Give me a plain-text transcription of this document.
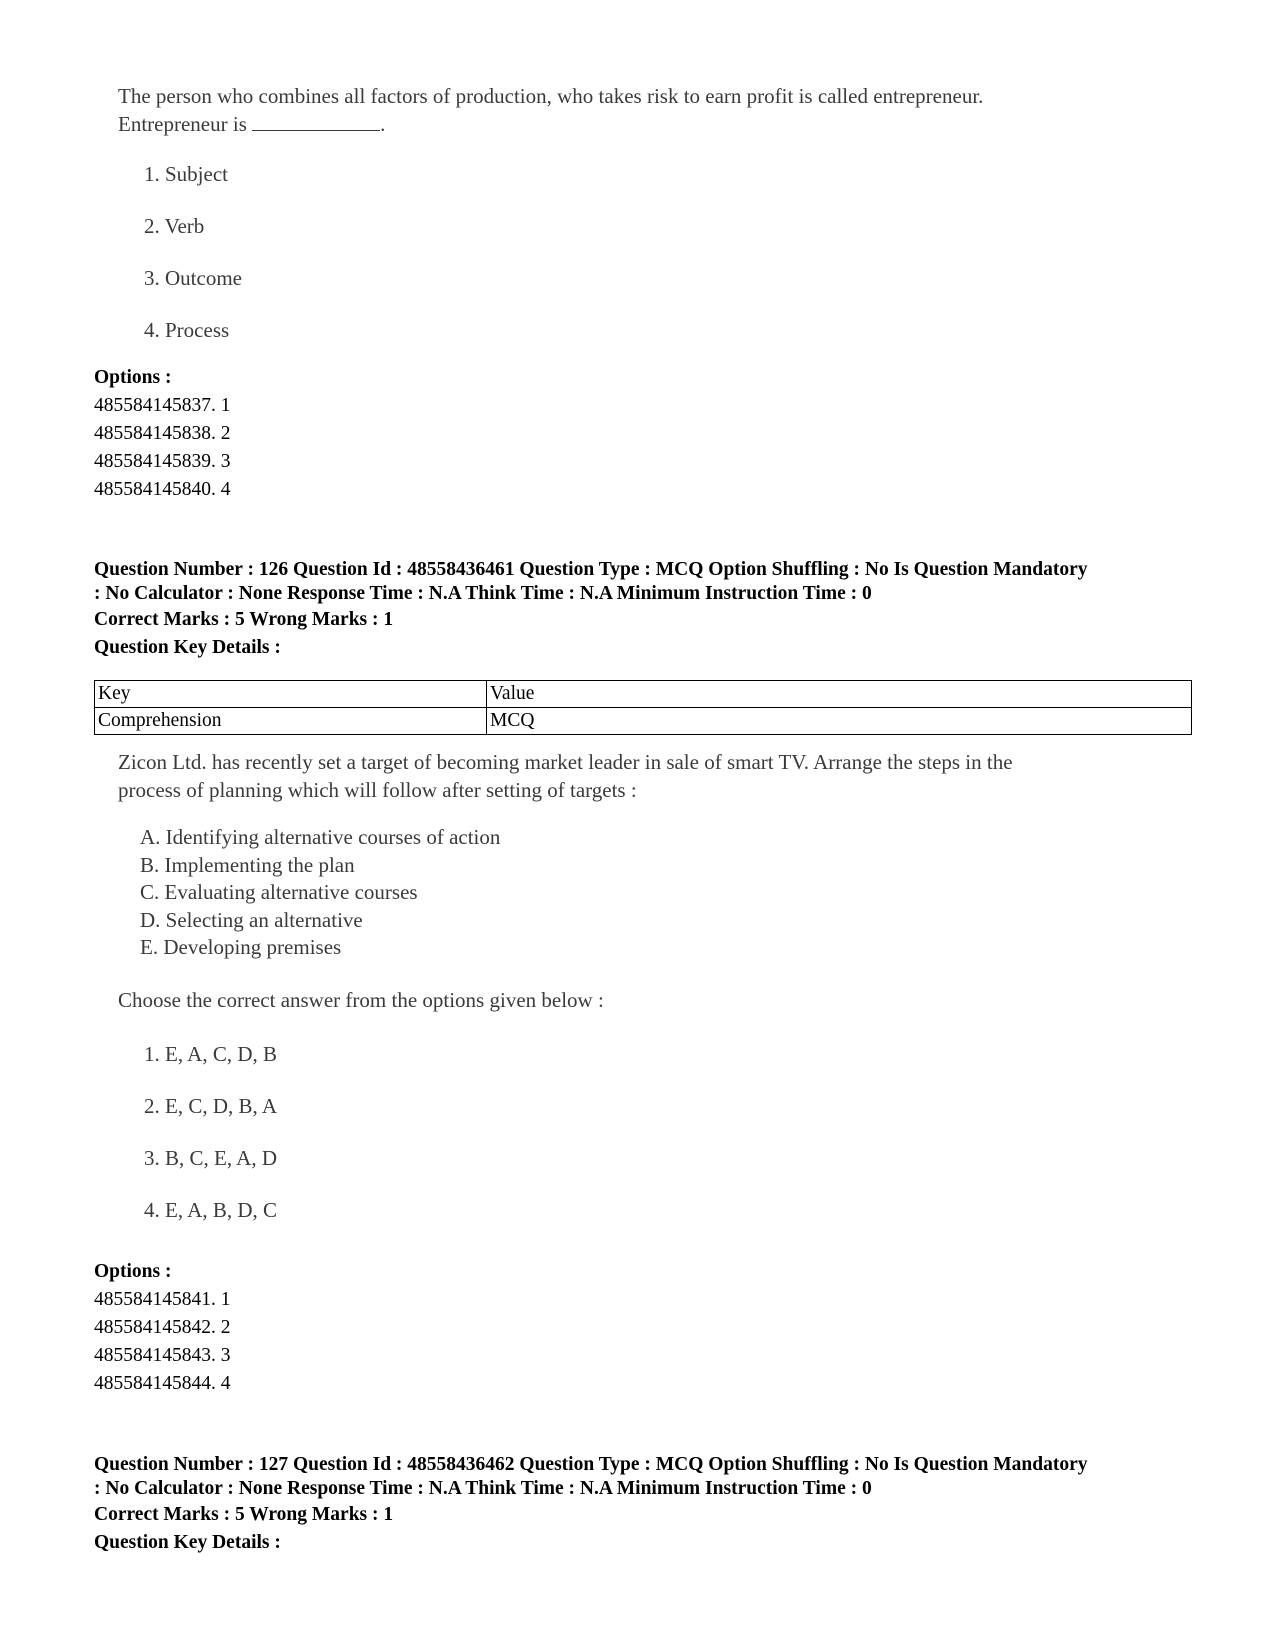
The person who combines all factors of production, who takes risk to earn profit is called entrepreneur.

Entrepreneur is	.

1. Subject
2. Verb
3. Outcome
4. Process
Options :
485584145837. 1
485584145838. 2
485584145839. 3
485584145840. 4
Question Number : 126 Question Id : 48558436461 Question Type : MCQ Option Shuffling : No Is Question Mandatory
: No Calculator : None Response Time : N.A Think Time : N.A Minimum Instruction Time : 0
Correct Marks : 5 Wrong Marks : 1
Question Key Details :
Key	Value
Comprehension	MCQ

Zicon Ltd. has recently set a target of becoming market leader in sale of smart TV. Arrange the steps in the

process of planning which will follow after setting of targets :

A. Identifying alternative courses of action

B. Implementing the plan

C. Evaluating alternative courses

D. Selecting an alternative

E. Developing premises

Choose the correct answer from the options given below :
1. E, A, C, D, B
2. E, C, D, B, A
3. B, C, E, A, D
4. E, A, B, D, C
Options :
485584145841. 1
485584145842. 2
485584145843. 3
485584145844. 4
Question Number : 127 Question Id : 48558436462 Question Type : MCQ Option Shuffling : No Is Question Mandatory
: No Calculator : None Response Time : N.A Think Time : N.A Minimum Instruction Time : 0
Correct Marks : 5 Wrong Marks : 1
Question Key Details :
